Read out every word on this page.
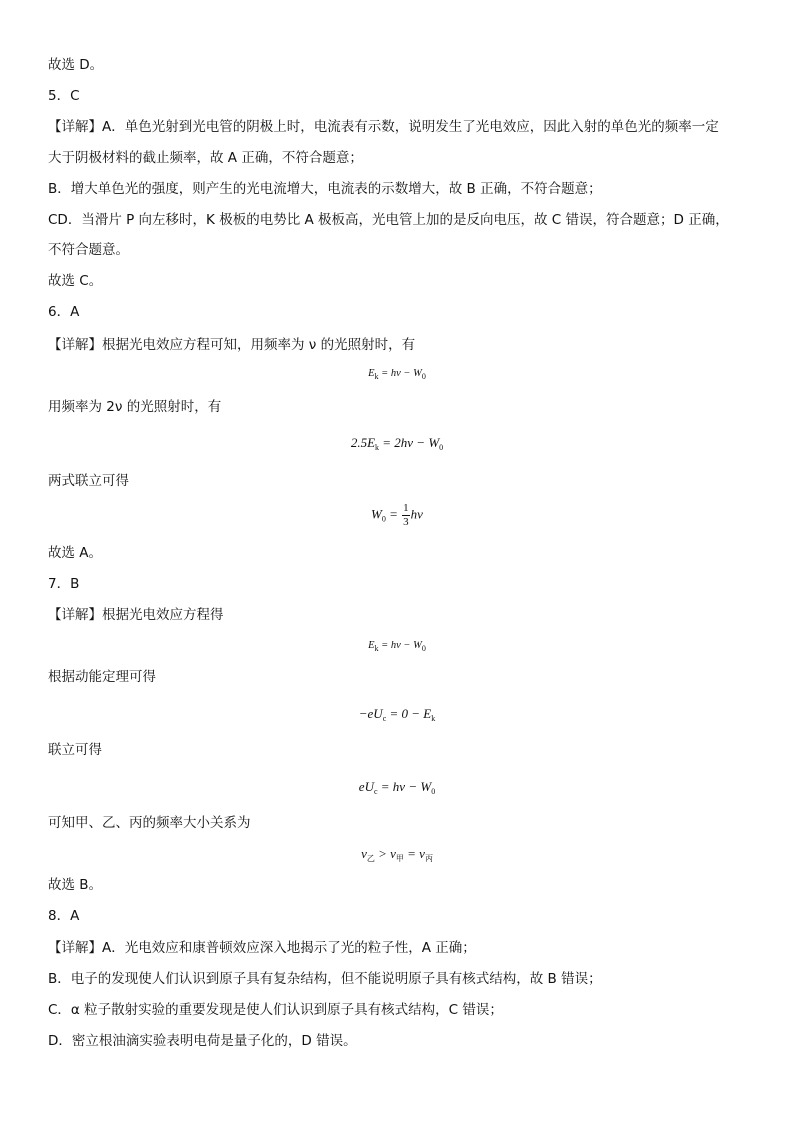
故选 D。
5．C
【详解】A．单色光射到光电管的阴极上时，电流表有示数，说明发生了光电效应，因此入射的单色光的频率一定
大于阴极材料的截止频率，故 A 正确，不符合题意；
B．增大单色光的强度，则产生的光电流增大，电流表的示数增大，故 B 正确，不符合题意；
CD．当滑片 P 向左移时，K 极板的电势比 A 极板高，光电管上加的是反向电压，故 C 错误，符合题意；D 正确，
不符合题意。
故选 C。
6．A
【详解】根据光电效应方程可知，用频率为 ν 的光照射时，有
$E_k = h\nu - W_0$
用频率为 2ν 的光照射时，有
$2.5E_k = 2h\nu - W_0$
两式联立可得
$W_0 = \frac{1}{3}$ hν
故选 A。
7．B
【详解】根据光电效应方程得
$E_k = h\nu - W_0$
根据动能定理可得
$-eU_c = 0 - E_k$
联立可得
$eU_c = h\nu - W_0$
可知甲、乙、丙的频率大小关系为
$\nu_乙 > \nu_甲 = \nu_丙$
故选 B。
8．A
【详解】A．光电效应和康普顿效应深入地揭示了光的粒子性，A 正确；
B．电子的发现使人们认识到原子具有复杂结构，但不能说明原子具有核式结构，故 B 错误；
C．α 粒子散射实验的重要发现是使人们认识到原子具有核式结构，C 错误；
D．密立根油滴实验表明电荷是量子化的，D 错误。
